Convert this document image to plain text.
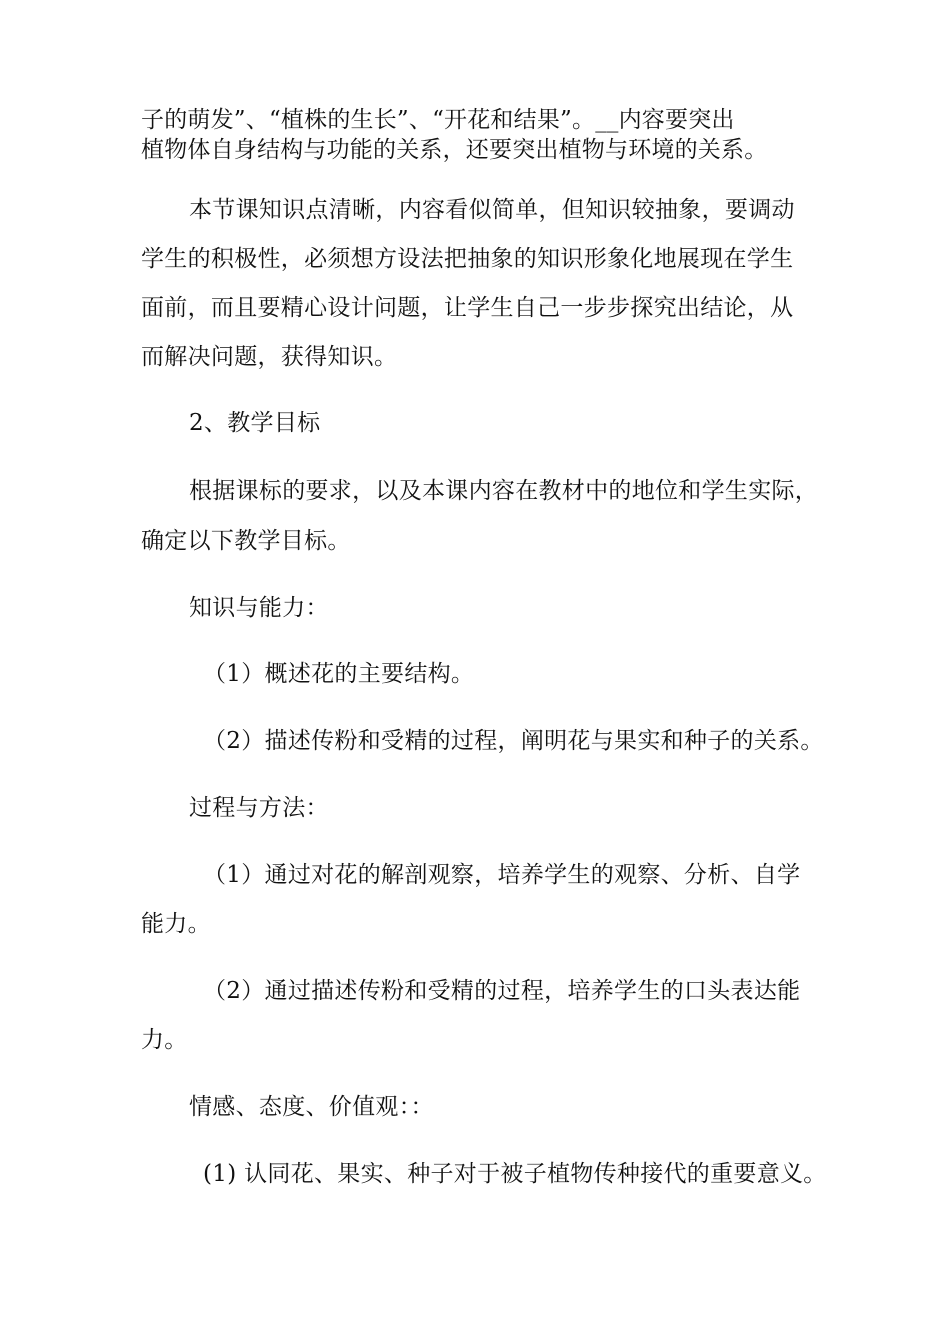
子的萌发”、“植株的生长”、“开花和结果”。__内容要突出
植物体自身结构与功能的关系，还要突出植物与环境的关系。
本节课知识点清晰，内容看似简单，但知识较抽象，要调动
学生的积极性，必须想方设法把抽象的知识形象化地展现在学生
面前，而且要精心设计问题，让学生自己一步步探究出结论，从
而解决问题，获得知识。
2、教学目标
根据课标的要求，以及本课内容在教材中的地位和学生实际，
确定以下教学目标。
知识与能力：
（1）概述花的主要结构。
（2）描述传粉和受精的过程，阐明花与果实和种子的关系。
过程与方法：
（1）通过对花的解剖观察，培养学生的观察、分析、自学
能力。
（2）通过描述传粉和受精的过程，培养学生的口头表达能
力。
情感、态度、价值观：：
(1) 认同花、果实、种子对于被子植物传种接代的重要意义。
